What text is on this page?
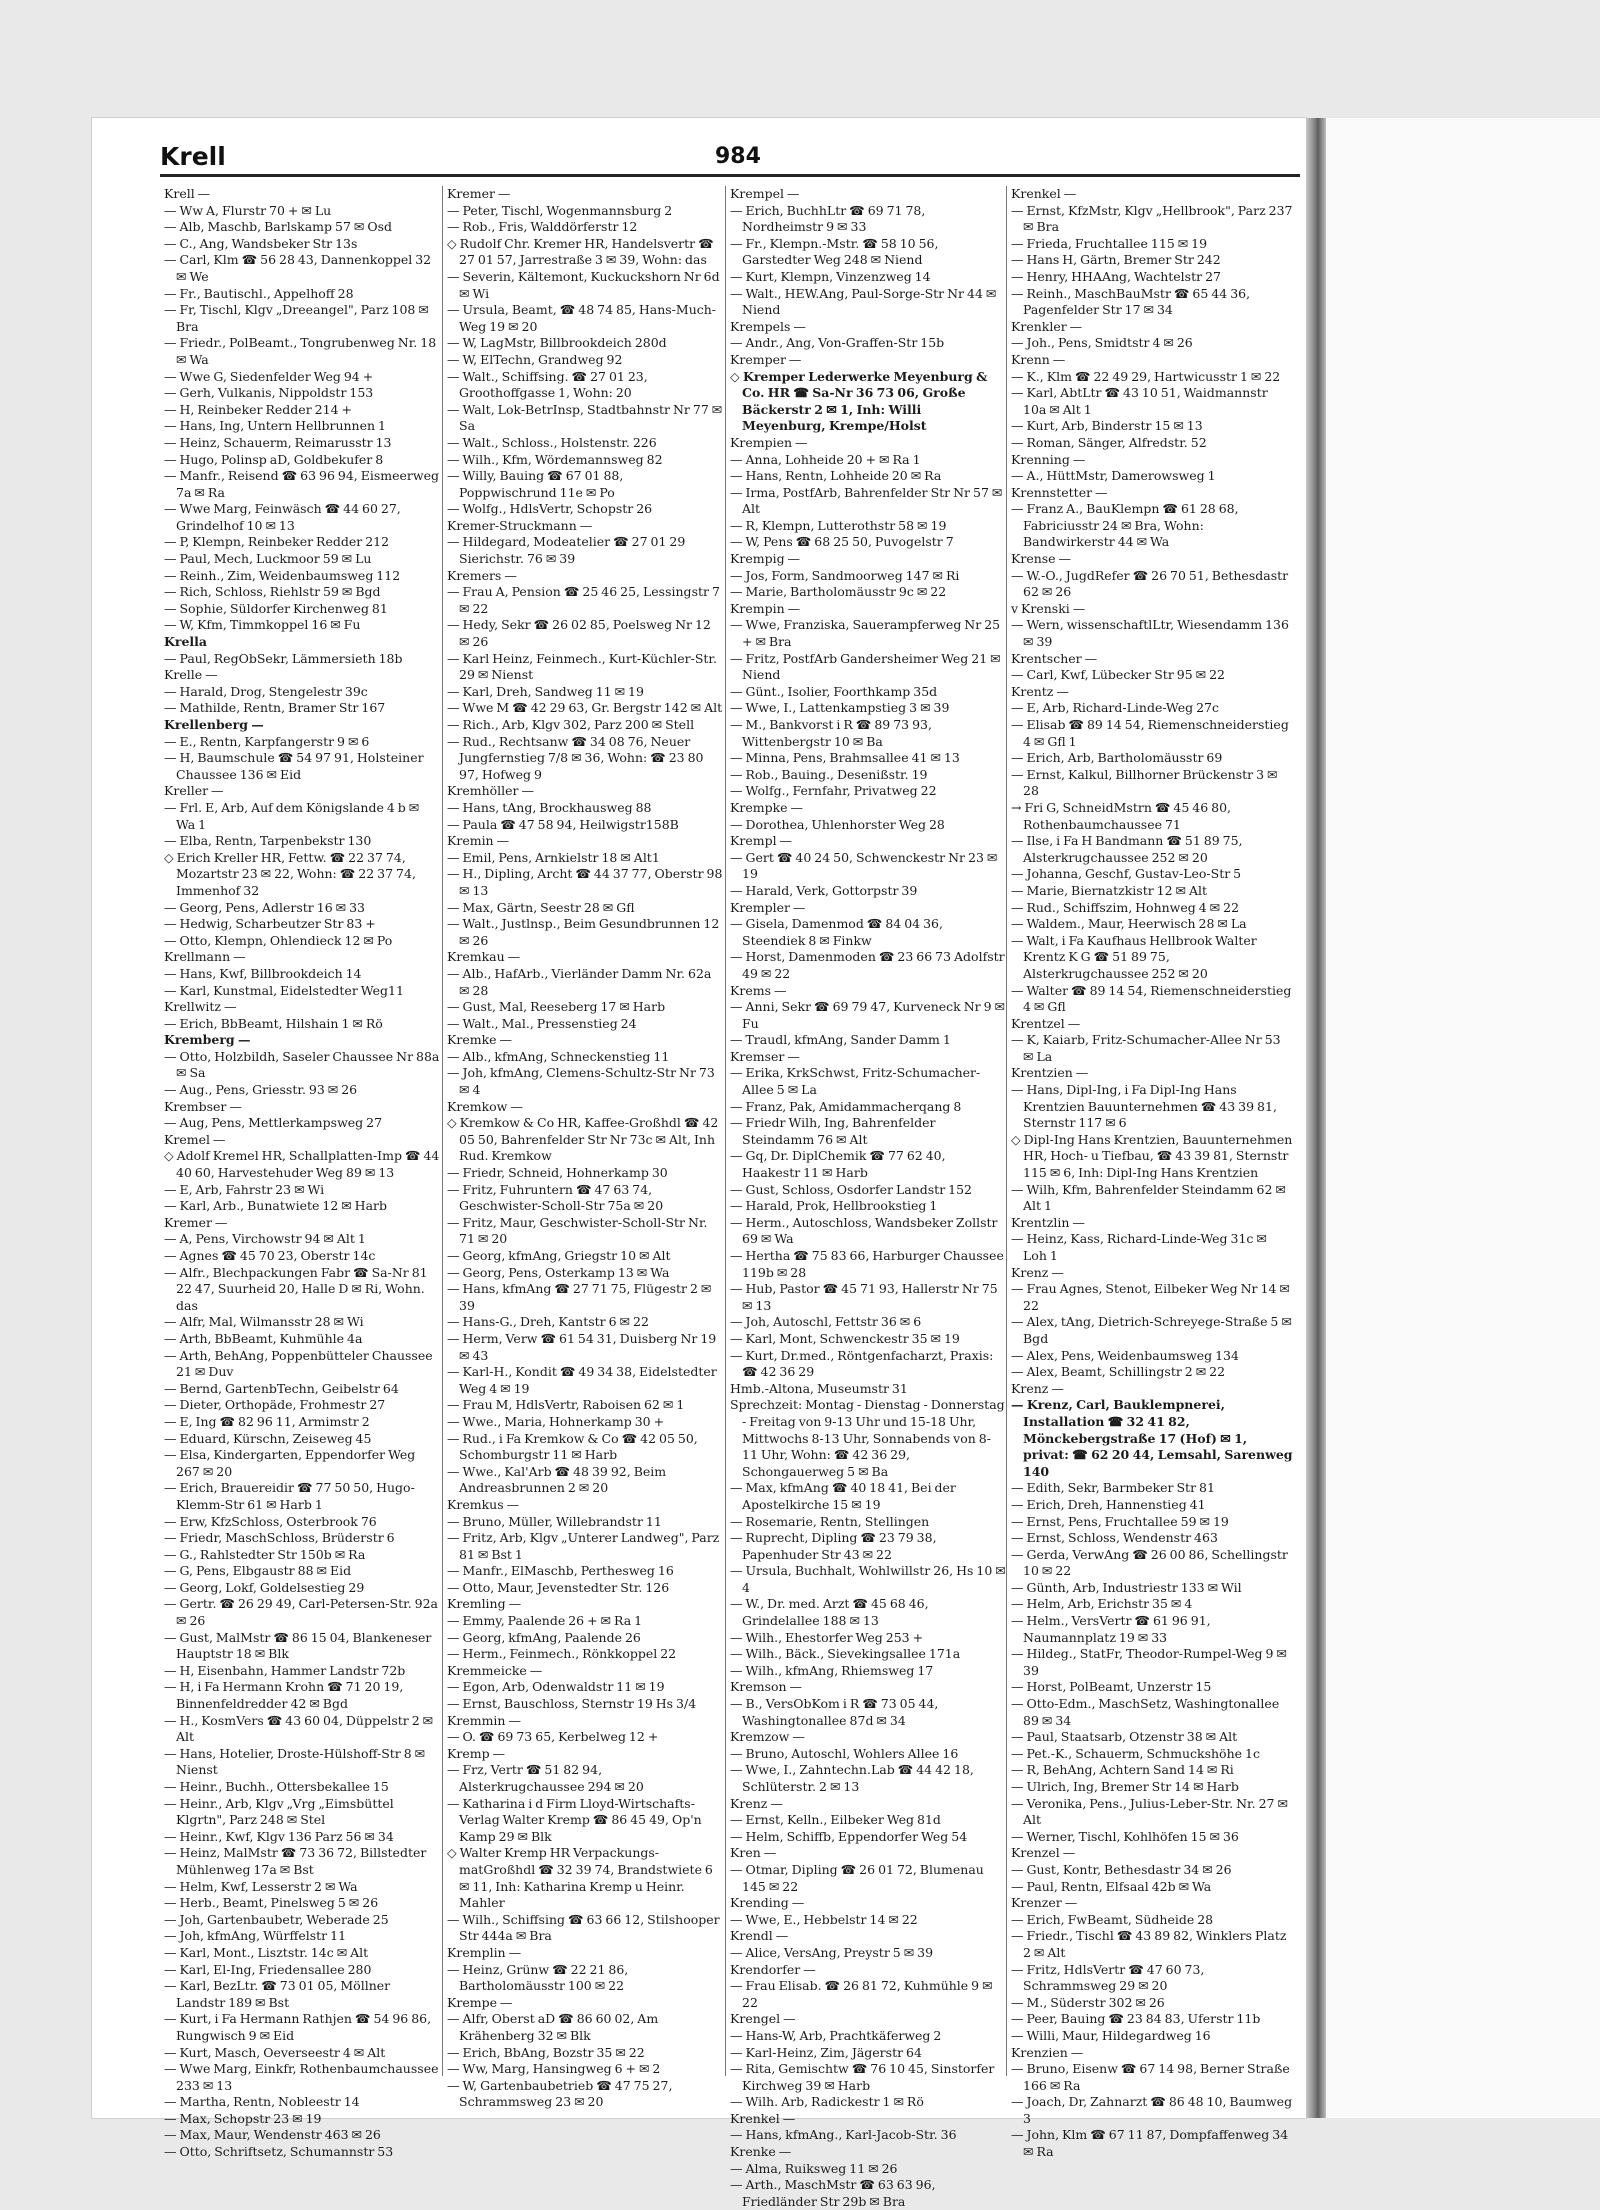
Krell	984

Krell —

— Ww A, Flurstr 70 + ✉ Lu

— Alb, Maschb, Barlskamp 57 ✉ Osd

— C., Ang, Wandsbeker Str 13s

— Carl, Klm ☎ 56 28 43, Dannenkoppel 32 ✉ We

— Fr., Bautischl., Appelhoff 28

— Fr, Tischl, Klgv „Dreeangel", Parz 108 ✉ Bra

— Friedr., PolBeamt., Tongrubenweg Nr. 18 ✉ Wa

— Wwe G, Siedenfelder Weg 94 +

— Gerh, Vulkanis, Nippoldstr 153

— H, Reinbeker Redder 214 +

— Hans, Ing, Untern Hellbrunnen 1

— Heinz, Schauerm, Reimarusstr 13

— Hugo, Polinsp aD, Goldbekufer 8

— Manfr., Reisend ☎ 63 96 94, Eismeerweg 7a ✉ Ra

— Wwe Marg, Feinwäsch ☎ 44 60 27, Grindelhof 10 ✉ 13

— P, Klempn, Reinbeker Redder 212

— Paul, Mech, Luckmoor 59 ✉ Lu

— Reinh., Zim, Weidenbaumsweg 112

— Rich, Schloss, Riehlstr 59 ✉ Bgd

— Sophie, Süldorfer Kirchenweg 81

— W, Kfm, Timmkoppel 16 ✉ Fu

Krella

— Paul, RegObSekr, Lämmersieth 18b

Krelle —

— Harald, Drog, Stengelestr 39c

— Mathilde, Rentn, Bramer Str 167

Krellenberg —

— E., Rentn, Karpfangerstr 9 ✉ 6

— H, Baumschule ☎ 54 97 91, Holsteiner Chaussee 136 ✉ Eid

Kreller —

— Frl. E, Arb, Auf dem Königslande 4 b ✉ Wa 1

— Elba, Rentn, Tarpenbekstr 130

◇ Erich Kreller HR, Fettw. ☎ 22 37 74, Mozartstr 23 ✉ 22, Wohn: ☎ 22 37 74, Immenhof 32

— Georg, Pens, Adlerstr 16 ✉ 33

— Hedwig, Scharbeutzer Str 83 +

— Otto, Klempn, Ohlendieck 12 ✉ Po

Krellmann —

— Hans, Kwf, Billbrookdeich 14

— Karl, Kunstmal, Eidelstedter Weg11

Krellwitz —

— Erich, BbBeamt, Hilshain 1 ✉ Rö

Kremberg —

— Otto, Holzbildh, Saseler Chaussee Nr 88a ✉ Sa

— Aug., Pens, Griesstr. 93 ✉ 26

Krembser —

— Aug, Pens, Mettlerkampsweg 27

Kremel —

◇ Adolf Kremel HR, Schallplatten-Imp ☎ 44 40 60, Harvestehuder Weg 89 ✉ 13

— E, Arb, Fahrstr 23 ✉ Wi

— Karl, Arb., Bunatwiete 12 ✉ Harb

Kremer —

— A, Pens, Virchowstr 94 ✉ Alt 1

— Agnes ☎ 45 70 23, Oberstr 14c

— Alfr., Blechpackungen Fabr ☎ Sa-Nr 81 22 47, Suurheid 20, Halle D ✉ Ri, Wohn. das

— Alfr, Mal, Wilmansstr 28 ✉ Wi

— Arth, BbBeamt, Kuhmühle 4a

— Arth, BehAng, Poppenbütteler Chaussee 21 ✉ Duv

— Bernd, GartenbTechn, Geibelstr 64

— Dieter, Orthopäde, Frohmestr 27

— E, Ing ☎ 82 96 11, Armimstr 2

— Eduard, Kürschn, Zeiseweg 45

— Elsa, Kindergarten, Eppendorfer Weg 267 ✉ 20

— Erich, Brauereidir ☎ 77 50 50, Hugo-Klemm-Str 61 ✉ Harb 1

— Erw, KfzSchloss, Osterbrook 76

— Friedr, MaschSchloss, Brüderstr 6

— G., Rahlstedter Str 150b ✉ Ra

— G, Pens, Elbgaustr 88 ✉ Eid

— Georg, Lokf, Goldelsestieg 29

— Gertr. ☎ 26 29 49, Carl-Petersen-Str. 92a ✉ 26

— Gust, MalMstr ☎ 86 15 04, Blankeneser Hauptstr 18 ✉ Blk

— H, Eisenbahn, Hammer Landstr 72b

— H, i Fa Hermann Krohn ☎ 71 20 19, Binnenfeldredder 42 ✉ Bgd

— H., KosmVers ☎ 43 60 04, Düppelstr 2 ✉ Alt

— Hans, Hotelier, Droste-Hülshoff-Str 8 ✉ Nienst

— Heinr., Buchh., Ottersbekallee 15

— Heinr., Arb, Klgv „Vrg „Eimsbüttel Klgrtn", Parz 248 ✉ Stel

— Heinr., Kwf, Klgv 136 Parz 56 ✉ 34

— Heinz, MalMstr ☎ 73 36 72, Billstedter Mühlenweg 17a ✉ Bst

— Helm, Kwf, Lesserstr 2 ✉ Wa

— Herb., Beamt, Pinelsweg 5 ✉ 26

— Joh, Gartenbaubetr, Weberade 25

— Joh, kfmAng, Würffelstr 11

— Karl, Mont., Lisztstr. 14c ✉ Alt

— Karl, El-Ing, Friedensallee 280

— Karl, BezLtr. ☎ 73 01 05, Möllner Landstr 189 ✉ Bst

— Kurt, i Fa Hermann Rathjen ☎ 54 96 86, Rungwisch 9 ✉ Eid

— Kurt, Masch, Oeverseestr 4 ✉ Alt

— Wwe Marg, Einkfr, Rothenbaumchaussee 233 ✉ 13

— Martha, Rentn, Nobleestr 14

— Max, Schopstr 23 ✉ 19

— Max, Maur, Wendenstr 463 ✉ 26

— Otto, Schriftsetz, Schumannstr 53

Kremer —

— Peter, Tischl, Wogenmannsburg 2

— Rob., Fris, Walddörferstr 12

◇ Rudolf Chr. Kremer HR, Handelsvertr ☎ 27 01 57, Jarrestraße 3 ✉ 39, Wohn: das

— Severin, Kältemont, Kuckuckshorn Nr 6d ✉ Wi

— Ursula, Beamt, ☎ 48 74 85, Hans-Much-Weg 19 ✉ 20

— W, LagMstr, Billbrookdeich 280d

— W, ElTechn, Grandweg 92

— Walt., Schiffsing. ☎ 27 01 23, Groothoffgasse 1, Wohn: 20

— Walt, Lok-BetrInsp, Stadtbahnstr Nr 77 ✉ Sa

— Walt., Schloss., Holstenstr. 226

— Wilh., Kfm, Wördemannsweg 82

— Willy, Bauing ☎ 67 01 88, Poppwischrund 11e ✉ Po

— Wolfg., HdlsVertr, Schopstr 26

Kremer-Struckmann —

— Hildegard, Modeatelier ☎ 27 01 29 Sierichstr. 76 ✉ 39

Kremers —

— Frau A, Pension ☎ 25 46 25, Lessingstr 7 ✉ 22

— Hedy, Sekr ☎ 26 02 85, Poelsweg Nr 12 ✉ 26

— Karl Heinz, Feinmech., Kurt-Küchler-Str. 29 ✉ Nienst

— Karl, Dreh, Sandweg 11 ✉ 19

— Wwe M ☎ 42 29 63, Gr. Bergstr 142 ✉ Alt

— Rich., Arb, Klgv 302, Parz 200 ✉ Stell

— Rud., Rechtsanw ☎ 34 08 76, Neuer Jungfernstieg 7/8 ✉ 36, Wohn: ☎ 23 80 97, Hofweg 9

Kremhöller —

— Hans, tAng, Brockhausweg 88

— Paula ☎ 47 58 94, Heilwigstr158B

Kremin —

— Emil, Pens, Arnkielstr 18 ✉ Alt1

— H., Dipling, Archt ☎ 44 37 77, Oberstr 98 ✉ 13

— Max, Gärtn, Seestr 28 ✉ Gfl

— Walt., Justlnsp., Beim Gesundbrunnen 12 ✉ 26

Kremkau —

— Alb., HafArb., Vierländer Damm Nr. 62a ✉ 28

— Gust, Mal, Reeseberg 17 ✉ Harb

— Walt., Mal., Pressenstieg 24

Kremke —

— Alb., kfmAng, Schneckenstieg 11

— Joh, kfmAng, Clemens-Schultz-Str Nr 73 ✉ 4

Kremkow —

◇ Kremkow & Co HR, Kaffee-Großhdl ☎ 42 05 50, Bahrenfelder Str Nr 73c ✉ Alt, Inh Rud. Kremkow

— Friedr, Schneid, Hohnerkamp 30

— Fritz, Fuhruntern ☎ 47 63 74, Geschwister-Scholl-Str 75a ✉ 20

— Fritz, Maur, Geschwister-Scholl-Str Nr. 71 ✉ 20

— Georg, kfmAng, Griegstr 10 ✉ Alt

— Georg, Pens, Osterkamp 13 ✉ Wa

— Hans, kfmAng ☎ 27 71 75, Flügestr 2 ✉ 39

— Hans-G., Dreh, Kantstr 6 ✉ 22

— Herm, Verw ☎ 61 54 31, Duisberg Nr 19 ✉ 43

— Karl-H., Kondit ☎ 49 34 38, Eidelstedter Weg 4 ✉ 19

— Frau M, HdlsVertr, Raboisen 62 ✉ 1

— Wwe., Maria, Hohnerkamp 30 +

— Rud., i Fa Kremkow & Co ☎ 42 05 50, Schomburgstr 11 ✉ Harb

— Wwe., Kal'Arb ☎ 48 39 92, Beim Andreasbrunnen 2 ✉ 20

Kremkus —

— Bruno, Müller, Willebrandstr 11

— Fritz, Arb, Klgv „Unterer Landweg", Parz 81 ✉ Bst 1

— Manfr., ElMaschb, Perthesweg 16

— Otto, Maur, Jevenstedter Str. 126

Kremling —

— Emmy, Paalende 26 + ✉ Ra 1

— Georg, kfmAng, Paalende 26

— Herm., Feinmech., Rönkkoppel 22

Kremmeicke —

— Egon, Arb, Odenwaldstr 11 ✉ 19

— Ernst, Bauschloss, Sternstr 19 Hs 3/4

Kremmin —

— O. ☎ 69 73 65, Kerbelweg 12 +

Kremp —

— Frz, Vertr ☎ 51 82 94, Alsterkrugchaussee 294 ✉ 20

— Katharina i d Firm Lloyd-Wirtschafts-Verlag Walter Kremp ☎ 86 45 49, Op'n Kamp 29 ✉ Blk

◇ Walter Kremp HR Verpackungs-matGroßhdl ☎ 32 39 74, Brandstwiete 6 ✉ 11, Inh: Katharina Kremp u Heinr. Mahler

— Wilh., Schiffsing ☎ 63 66 12, Stilshooper Str 444a ✉ Bra

Kremplin —

— Heinz, Grünw ☎ 22 21 86, Bartholomäusstr 100 ✉ 22

Krempe —

— Alfr, Oberst aD ☎ 86 60 02, Am Krähenberg 32 ✉ Blk

— Erich, BbAng, Bozstr 35 ✉ 22

— Ww, Marg, Hansingweg 6 + ✉ 2

— W, Gartenbaubetrieb ☎ 47 75 27, Schrammsweg 23 ✉ 20

Krempel —

— Erich, BuchhLtr ☎ 69 71 78, Nordheimstr 9 ✉ 33

— Fr., Klempn.-Mstr. ☎ 58 10 56, Garstedter Weg 248 ✉ Niend

— Kurt, Klempn, Vinzenzweg 14

— Walt., HEW.Ang, Paul-Sorge-Str Nr 44 ✉ Niend

Krempels —

— Andr., Ang, Von-Graffen-Str 15b

Kremper —

◇ Kremper Lederwerke Meyenburg & Co. HR ☎ Sa-Nr 36 73 06, Große Bäckerstr 2 ✉ 1, Inh: Willi Meyenburg, Krempe/Holst

Krempien —

— Anna, Lohheide 20 + ✉ Ra 1

— Hans, Rentn, Lohheide 20 ✉ Ra

— Irma, PostfArb, Bahrenfelder Str Nr 57 ✉ Alt

— R, Klempn, Lutterothstr 58 ✉ 19

— W, Pens ☎ 68 25 50, Puvogelstr 7

Krempig —

— Jos, Form, Sandmoorweg 147 ✉ Ri

— Marie, Bartholomäusstr 9c ✉ 22

Krempin —

— Wwe, Franziska, Sauerampferweg Nr 25 + ✉ Bra

— Fritz, PostfArb Gandersheimer Weg 21 ✉ Niend

— Günt., Isolier, Foorthkamp 35d

— Wwe, I., Lattenkampstieg 3 ✉ 39

— M., Bankvorst i R ☎ 89 73 93, Wittenbergstr 10 ✉ Ba

— Minna, Pens, Brahmsallee 41 ✉ 13

— Rob., Bauing., Desenißstr. 19

— Wolfg., Fernfahr, Privatweg 22

Krempke —

— Dorothea, Uhlenhorster Weg 28

Krempl —

— Gert ☎ 40 24 50, Schwenckestr Nr 23 ✉ 19

— Harald, Verk, Gottorpstr 39

Krempler —

— Gisela, Damenmod ☎ 84 04 36, Steendiek 8 ✉ Finkw

— Horst, Damenmoden ☎ 23 66 73 Adolfstr 49 ✉ 22

Krems —

— Anni, Sekr ☎ 69 79 47, Kurveneck Nr 9 ✉ Fu

— Traudl, kfmAng, Sander Damm 1

Kremser —

— Erika, KrkSchwst, Fritz-Schumacher-Allee 5 ✉ La

— Franz, Pak, Amidammacherqang 8

— Friedr Wilh, Ing, Bahrenfelder Steindamm 76 ✉ Alt

— Gq, Dr. DiplChemik ☎ 77 62 40, Haakestr 11 ✉ Harb

— Gust, Schloss, Osdorfer Landstr 152

— Harald, Prok, Hellbrookstieg 1

— Herm., Autoschloss, Wandsbeker Zollstr 69 ✉ Wa

— Hertha ☎ 75 83 66, Harburger Chaussee 119b ✉ 28

— Hub, Pastor ☎ 45 71 93, Hallerstr Nr 75 ✉ 13

— Joh, Autoschl, Fettstr 36 ✉ 6

— Karl, Mont, Schwenckestr 35 ✉ 19

— Kurt, Dr.med., Röntgenfacharzt, Praxis: ☎ 42 36 29

Hmb.-Altona, Museumstr 31

Sprechzeit: Montag - Dienstag - Donnerstag - Freitag von 9-13 Uhr und 15-18 Uhr, Mittwochs 8-13 Uhr, Sonnabends von 8-11 Uhr, Wohn: ☎ 42 36 29, Schongauerweg 5 ✉ Ba

— Max, kfmAng ☎ 40 18 41, Bei der Apostelkirche 15 ✉ 19

— Rosemarie, Rentn, Stellingen

— Ruprecht, Dipling ☎ 23 79 38, Papenhuder Str 43 ✉ 22

— Ursula, Buchhalt, Wohlwillstr 26, Hs 10 ✉ 4

— W., Dr. med. Arzt ☎ 45 68 46, Grindelallee 188 ✉ 13

— Wilh., Ehestorfer Weg 253 +

— Wilh., Bäck., Sievekingsallee 171a

— Wilh., kfmAng, Rhiemsweg 17

Kremson —

— B., VersObKom i R ☎ 73 05 44, Washingtonallee 87d ✉ 34

Kremzow —

— Bruno, Autoschl, Wohlers Allee 16

— Wwe, I., Zahntechn.Lab ☎ 44 42 18, Schlüterstr. 2 ✉ 13

Krenz —

— Ernst, Kelln., Eilbeker Weg 81d

— Helm, Schiffb, Eppendorfer Weg 54

Kren —

— Otmar, Dipling ☎ 26 01 72, Blumenau 145 ✉ 22

Krending —

— Wwe, E., Hebbelstr 14 ✉ 22

Krendl —

— Alice, VersAng, Preystr 5 ✉ 39

Krendorfer —

— Frau Elisab. ☎ 26 81 72, Kuhmühle 9 ✉ 22

Krengel —

— Hans-W, Arb, Prachtkäferweg 2

— Karl-Heinz, Zim, Jägerstr 64

— Rita, Gemischtw ☎ 76 10 45, Sinstorfer Kirchweg 39 ✉ Harb

— Wilh. Arb, Radickestr 1 ✉ Rö

Krenkel —

— Hans, kfmAng., Karl-Jacob-Str. 36

Krenke —

— Alma, Ruiksweg 11 ✉ 26

— Arth., MaschMstr ☎ 63 63 96, Friedländer Str 29b ✉ Bra

Krenkel —

— Ernst, KfzMstr, Klgv „Hellbrook", Parz 237 ✉ Bra

— Frieda, Fruchtallee 115 ✉ 19

— Hans H, Gärtn, Bremer Str 242

— Henry, HHAAng, Wachtelstr 27

— Reinh., MaschBauMstr ☎ 65 44 36, Pagenfelder Str 17 ✉ 34

Krenkler —

— Joh., Pens, Smidtstr 4 ✉ 26

Krenn —

— K., Klm ☎ 22 49 29, Hartwicusstr 1 ✉ 22

— Karl, AbtLtr ☎ 43 10 51, Waidmannstr 10a ✉ Alt 1

— Kurt, Arb, Binderstr 15 ✉ 13

— Roman, Sänger, Alfredstr. 52

Krenning —

— A., HüttMstr, Damerowsweg 1

Krennstetter —

— Franz A., BauKlempn ☎ 61 28 68, Fabriciusstr 24 ✉ Bra, Wohn: Bandwirkerstr 44 ✉ Wa

Krense —

— W.-O., JugdRefer ☎ 26 70 51, Bethesdastr 62 ✉ 26

v Krenski —

— Wern, wissenschaftlLtr, Wiesendamm 136 ✉ 39

Krentscher —

— Carl, Kwf, Lübecker Str 95 ✉ 22

Krentz —

— E, Arb, Richard-Linde-Weg 27c

— Elisab ☎ 89 14 54, Riemenschneiderstieg 4 ✉ Gfl 1

— Erich, Arb, Bartholomäusstr 69

— Ernst, Kalkul, Billhorner Brückenstr 3 ✉ 28

→ Fri G, SchneidMstrn ☎ 45 46 80, Rothenbaumchaussee 71

— Ilse, i Fa H Bandmann ☎ 51 89 75, Alsterkrugchaussee 252 ✉ 20

— Johanna, Geschf, Gustav-Leo-Str 5

— Marie, Biernatzkistr 12 ✉ Alt

— Rud., Schiffszim, Hohnweg 4 ✉ 22

— Waldem., Maur, Heerwisch 28 ✉ La

— Walt, i Fa Kaufhaus Hellbrook Walter Krentz K G ☎ 51 89 75, Alsterkrugchaussee 252 ✉ 20

— Walter ☎ 89 14 54, Riemenschneiderstieg 4 ✉ Gfl

Krentzel —

— K, Kaiarb, Fritz-Schumacher-Allee Nr 53 ✉ La

Krentzien —

— Hans, Dipl-Ing, i Fa Dipl-Ing Hans Krentzien Bauunternehmen ☎ 43 39 81, Sternstr 117 ✉ 6

◇ Dipl-Ing Hans Krentzien, Bauunternehmen HR, Hoch- u Tiefbau, ☎ 43 39 81, Sternstr 115 ✉ 6, Inh: Dipl-Ing Hans Krentzien

— Wilh, Kfm, Bahrenfelder Steindamm 62 ✉ Alt 1

Krentzlin —

— Heinz, Kass, Richard-Linde-Weg 31c ✉ Loh 1

Krenz —

— Frau Agnes, Stenot, Eilbeker Weg Nr 14 ✉ 22

— Alex, tAng, Dietrich-Schreyege-Straße 5 ✉ Bgd

— Alex, Pens, Weidenbaumsweg 134

— Alex, Beamt, Schillingstr 2 ✉ 22

Krenz —

— Krenz, Carl, Bauklempnerei, Installation ☎ 32 41 82, Mönckebergstraße 17 (Hof) ✉ 1, privat: ☎ 62 20 44, Lemsahl, Sarenweg 140

— Edith, Sekr, Barmbeker Str 81

— Erich, Dreh, Hannenstieg 41

— Ernst, Pens, Fruchtallee 59 ✉ 19

— Ernst, Schloss, Wendenstr 463

— Gerda, VerwAng ☎ 26 00 86, Schellingstr 10 ✉ 22

— Günth, Arb, Industriestr 133 ✉ Wil

— Helm, Arb, Erichstr 35 ✉ 4

— Helm., VersVertr ☎ 61 96 91, Naumannplatz 19 ✉ 33

— Hildeg., StatFr, Theodor-Rumpel-Weg 9 ✉ 39

— Horst, PolBeamt, Unzerstr 15

— Otto-Edm., MaschSetz, Washingtonallee 89 ✉ 34

— Paul, Staatsarb, Otzenstr 38 ✉ Alt

— Pet.-K., Schauerm, Schmuckshöhe 1c

— R, BehAng, Achtern Sand 14 ✉ Ri

— Ulrich, Ing, Bremer Str 14 ✉ Harb

— Veronika, Pens., Julius-Leber-Str. Nr. 27 ✉ Alt

— Werner, Tischl, Kohlhöfen 15 ✉ 36

Krenzel —

— Gust, Kontr, Bethesdastr 34 ✉ 26

— Paul, Rentn, Elfsaal 42b ✉ Wa

Krenzer —

— Erich, FwBeamt, Südheide 28

— Friedr., Tischl ☎ 43 89 82, Winklers Platz 2 ✉ Alt

— Fritz, HdlsVertr ☎ 47 60 73, Schrammsweg 29 ✉ 20

— M., Süderstr 302 ✉ 26

— Peer, Bauing ☎ 23 84 83, Uferstr 11b

— Willi, Maur, Hildegardweg 16

Krenzien —

— Bruno, Eisenw ☎ 67 14 98, Berner Straße 166 ✉ Ra

— Joach, Dr, Zahnarzt ☎ 86 48 10, Baumweg 3

— John, Klm ☎ 67 11 87, Dompfaffenweg 34 ✉ Ra
